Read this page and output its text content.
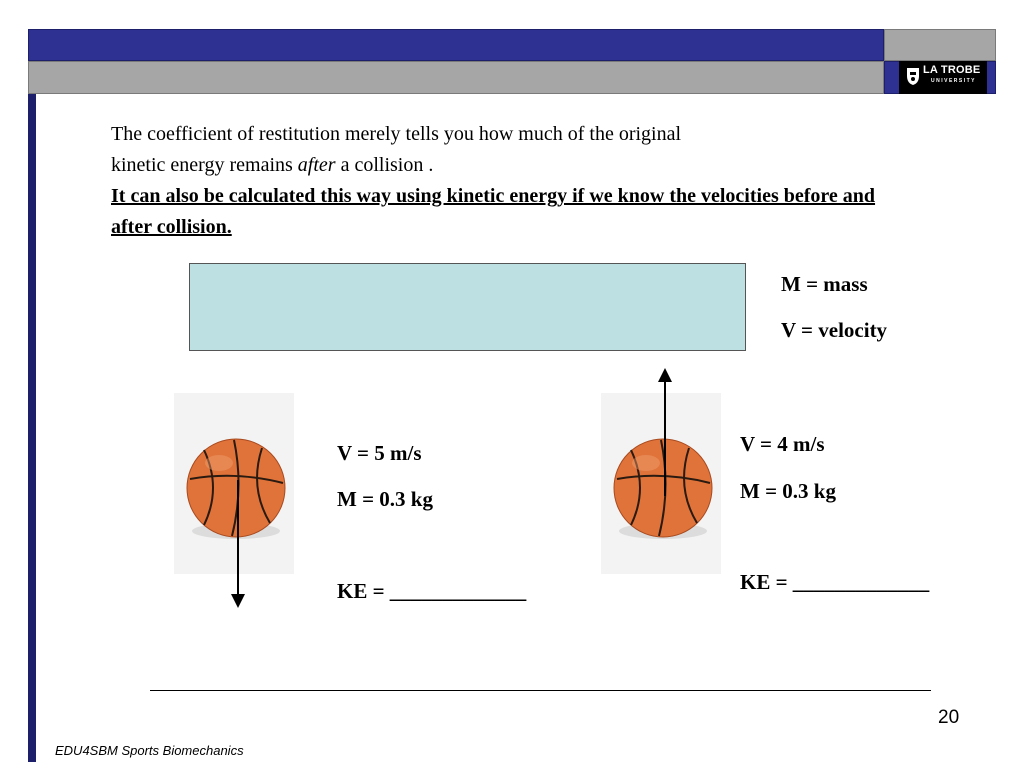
LA TROBE
UNIVERSITY
The coefficient of restitution merely tells you how much of the original
kinetic energy remains after a collision .
It can also be calculated this way using kinetic energy if we know the velocities before and after collision.
M = mass
V = velocity
V = 5 m/s
M = 0.3 kg
KE = _____________
V = 4 m/s
M = 0.3 kg
KE = _____________
20
EDU4SBM Sports Biomechanics
